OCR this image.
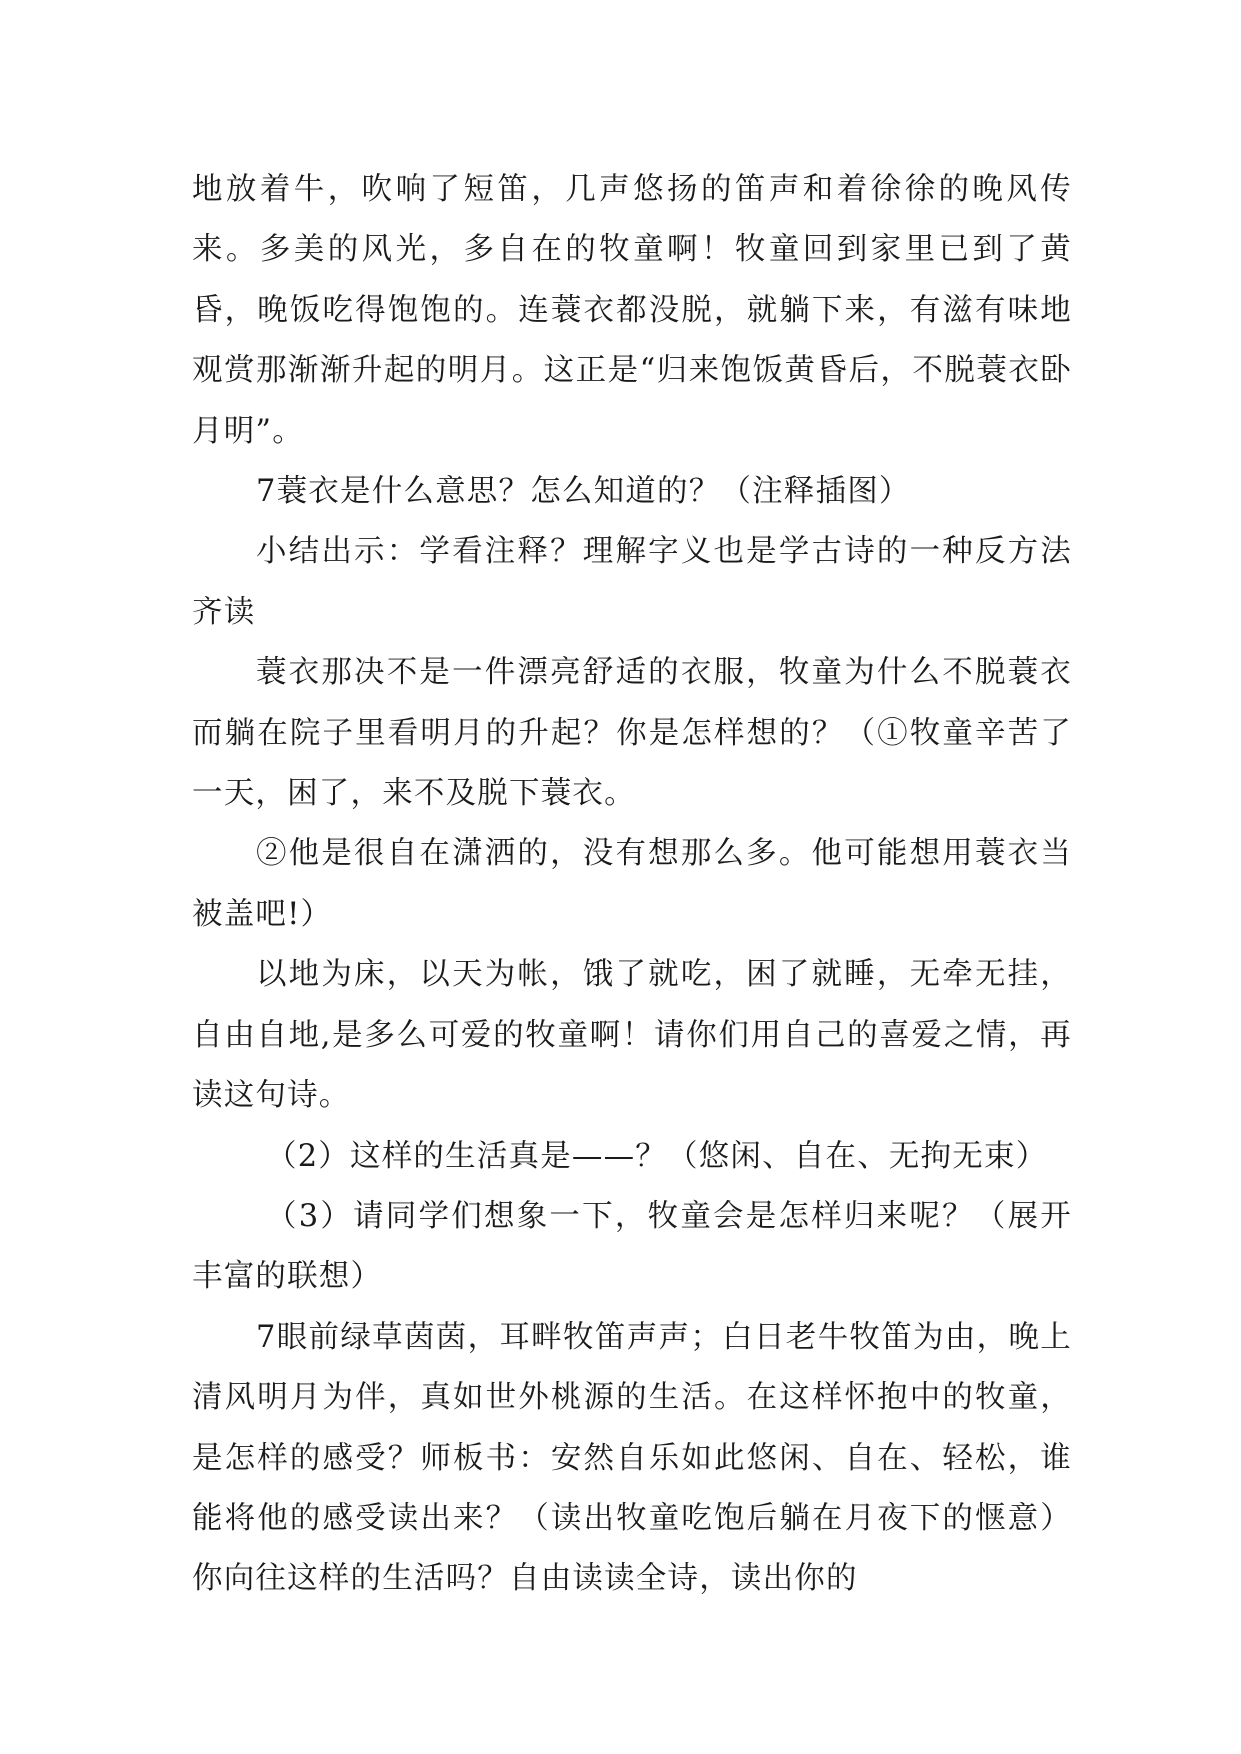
地放着牛，吹响了短笛，几声悠扬的笛声和着徐徐的晚风传来。多美的风光，多自在的牧童啊！牧童回到家里已到了黄昏，晚饭吃得饱饱的。连蓑衣都没脱，就躺下来，有滋有味地观赏那渐渐升起的明月。这正是“归来饱饭黄昏后，不脱蓑衣卧月明”。

7蓑衣是什么意思？怎么知道的？（注释插图）

小结出示：学看注释？理解字义也是学古诗的一种反方法齐读

蓑衣那决不是一件漂亮舒适的衣服，牧童为什么不脱蓑衣而躺在院子里看明月的升起？你是怎样想的？（①牧童辛苦了一天，困了，来不及脱下蓑衣。

②他是很自在潇洒的，没有想那么多。他可能想用蓑衣当被盖吧!）

以地为床，以天为帐，饿了就吃，困了就睡，无牵无挂，自由自地,是多么可爱的牧童啊！请你们用自己的喜爱之情，再读这句诗。

（2）这样的生活真是——？（悠闲、自在、无拘无束）

（3）请同学们想象一下，牧童会是怎样归来呢？（展开丰富的联想）

7眼前绿草茵茵，耳畔牧笛声声；白日老牛牧笛为由，晚上清风明月为伴，真如世外桃源的生活。在这样怀抱中的牧童，是怎样的感受？师板书：安然自乐如此悠闲、自在、轻松，谁能将他的感受读出来？（读出牧童吃饱后躺在月夜下的惬意）你向往这样的生活吗？自由读读全诗，读出你的
